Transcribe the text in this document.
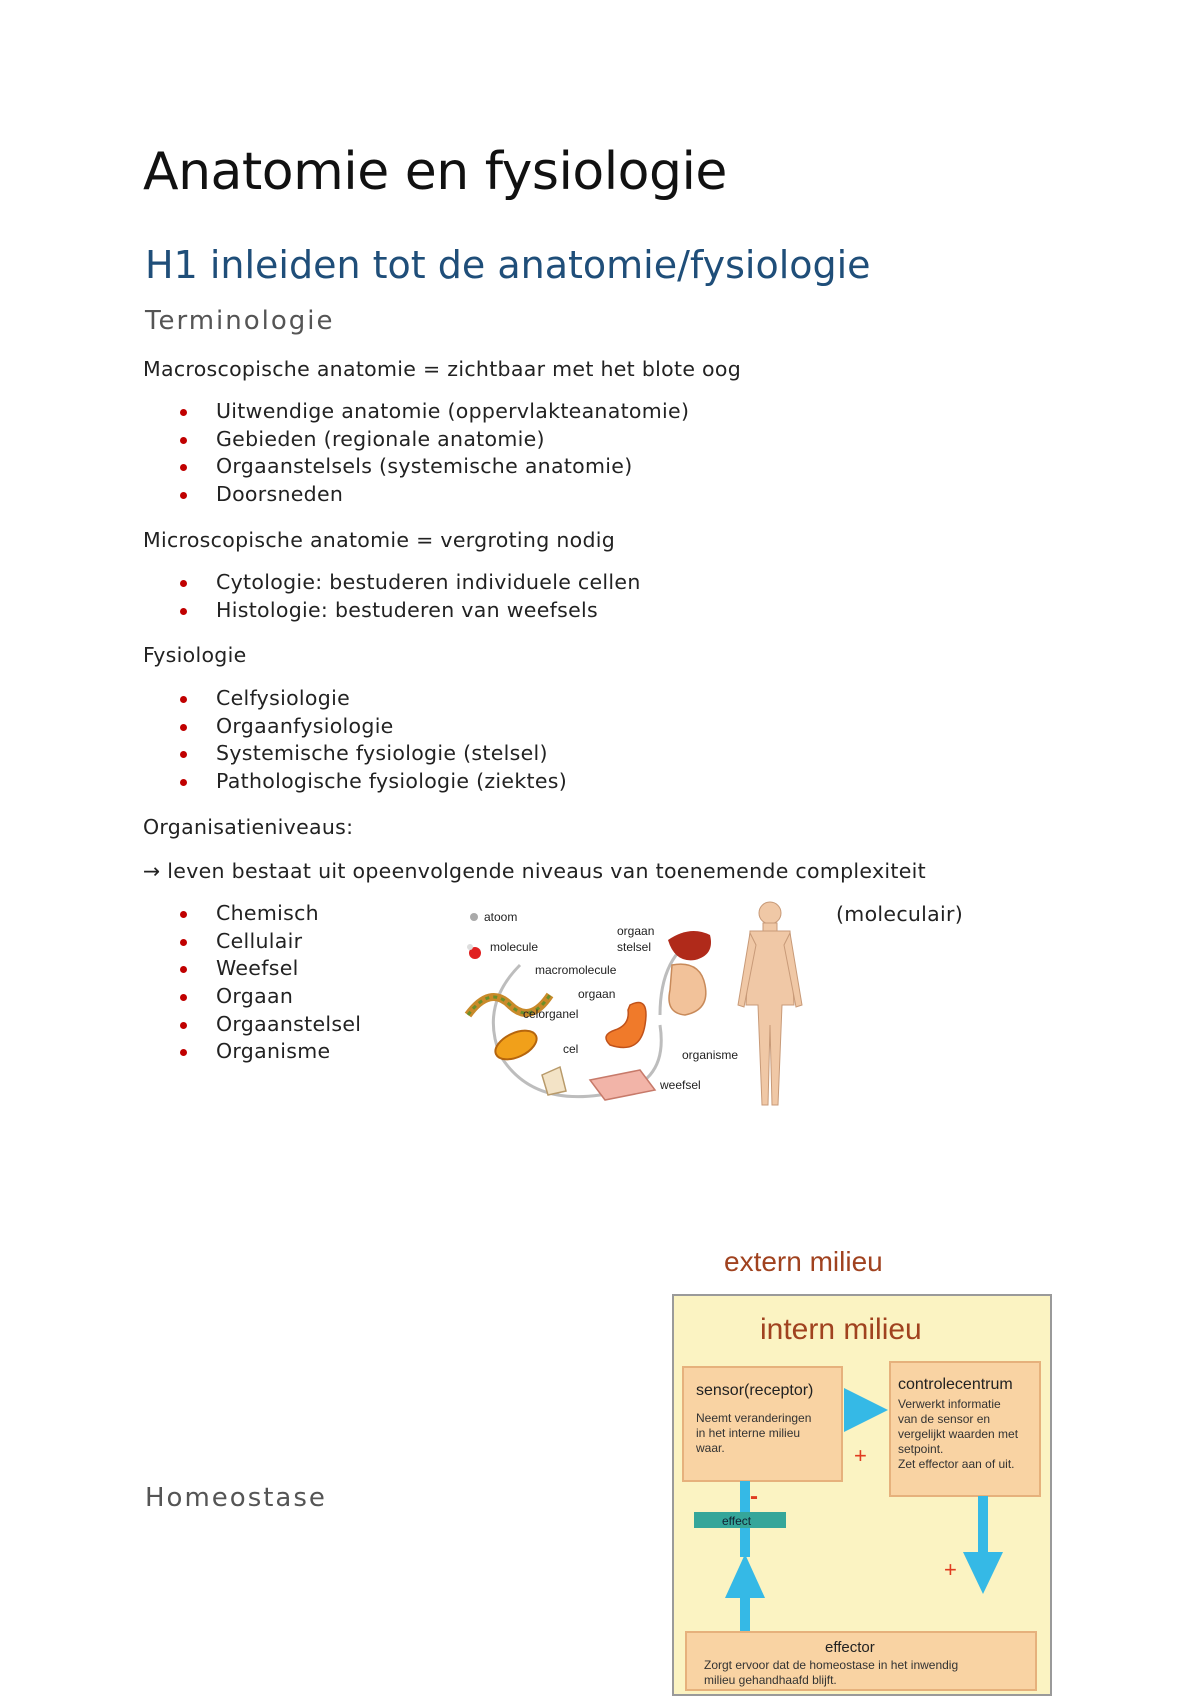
Anatomie en fysiologie
H1 inleiden tot de anatomie/fysiologie
Terminologie
Macroscopische anatomie = zichtbaar met het blote oog
Uitwendige anatomie (oppervlakteanatomie)
Gebieden (regionale anatomie)
Orgaanstelsels (systemische anatomie)
Doorsneden
Microscopische anatomie = vergroting nodig
Cytologie: bestuderen individuele cellen
Histologie: bestuderen van weefsels
Fysiologie
Celfysiologie
Orgaanfysiologie
Systemische fysiologie (stelsel)
Pathologische fysiologie (ziektes)
Organisatieniveaus:
→ leven bestaat uit opeenvolgende niveaus van toenemende complexiteit
Chemisch
Cellulair
Weefsel
Orgaan
Orgaanstelsel
Organisme
(moleculair)
atoom
molecule
macromolecule
celorganel
cel
weefsel
orgaan
orgaan
stelsel
organisme
Homeostase
extern milieu
intern milieu
sensor(receptor)
Neemt veranderingen
in het interne milieu
waar.
controlecentrum
Verwerkt informatie
van de sensor en
vergelijkt waarden met
setpoint.
Zet effector aan of uit.
+
+
-
effect
effector
Zorgt ervoor dat de homeostase in het inwendig
milieu gehandhaafd blijft.
